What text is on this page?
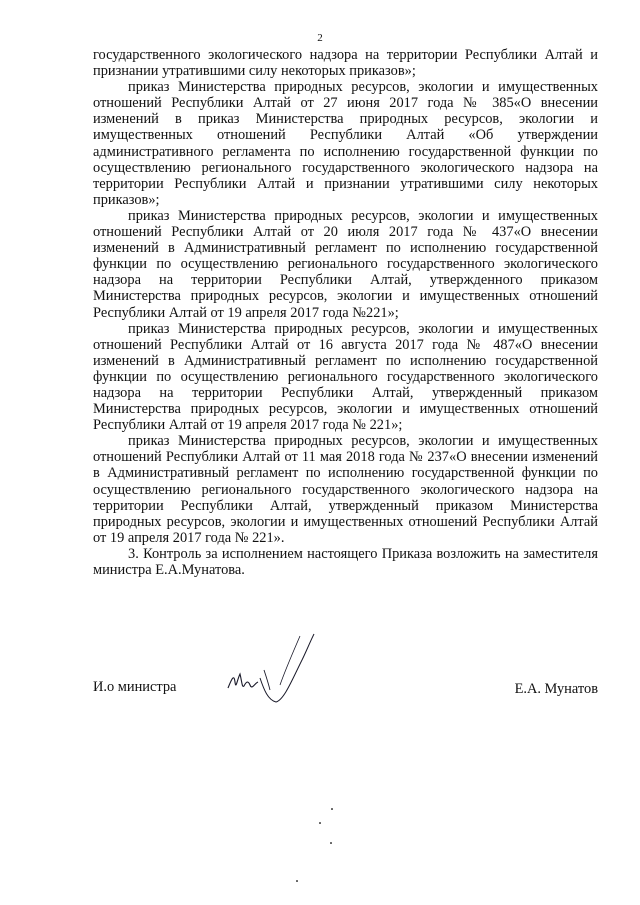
2

государственного экологического надзора на территории Республики Алтай и признании утратившими силу некоторых приказов»;

приказ Министерства природных ресурсов, экологии и имущественных отношений Республики Алтай от 27 июня 2017 года № 385«О внесении изменений в приказ Министерства природных ресурсов, экологии и имущественных отношений Республики Алтай «Об утверждении административного регламента по исполнению государственной функции по осуществлению регионального государственного экологического надзора на территории Республики Алтай и признании утратившими силу некоторых приказов»;

приказ Министерства природных ресурсов, экологии и имущественных отношений Республики Алтай от 20 июля 2017 года № 437«О внесении изменений в Административный регламент по исполнению государственной функции по осуществлению регионального государственного экологического надзора на территории Республики Алтай, утвержденного приказом Министерства природных ресурсов, экологии и имущественных отношений Республики Алтай от 19 апреля 2017 года №221»;

приказ Министерства природных ресурсов, экологии и имущественных отношений Республики Алтай от 16 августа 2017 года № 487«О внесении изменений в Административный регламент по исполнению государственной функции по осуществлению регионального государственного экологического надзора на территории Республики Алтай, утвержденный приказом Министерства природных ресурсов, экологии и имущественных отношений Республики Алтай от 19 апреля 2017 года № 221»;

приказ Министерства природных ресурсов, экологии и имущественных отношений Республики Алтай от 11 мая 2018 года № 237«О внесении изменений в Административный регламент по исполнению государственной функции по осуществлению регионального государственного экологического надзора на территории Республики Алтай, утвержденный приказом Министерства природных ресурсов, экологии и имущественных отношений Республики Алтай от 19 апреля 2017 года № 221».

3. Контроль за исполнением настоящего Приказа возложить на заместителя министра Е.А.Мунатова.

И.о министра	Е.А. Мунатов
